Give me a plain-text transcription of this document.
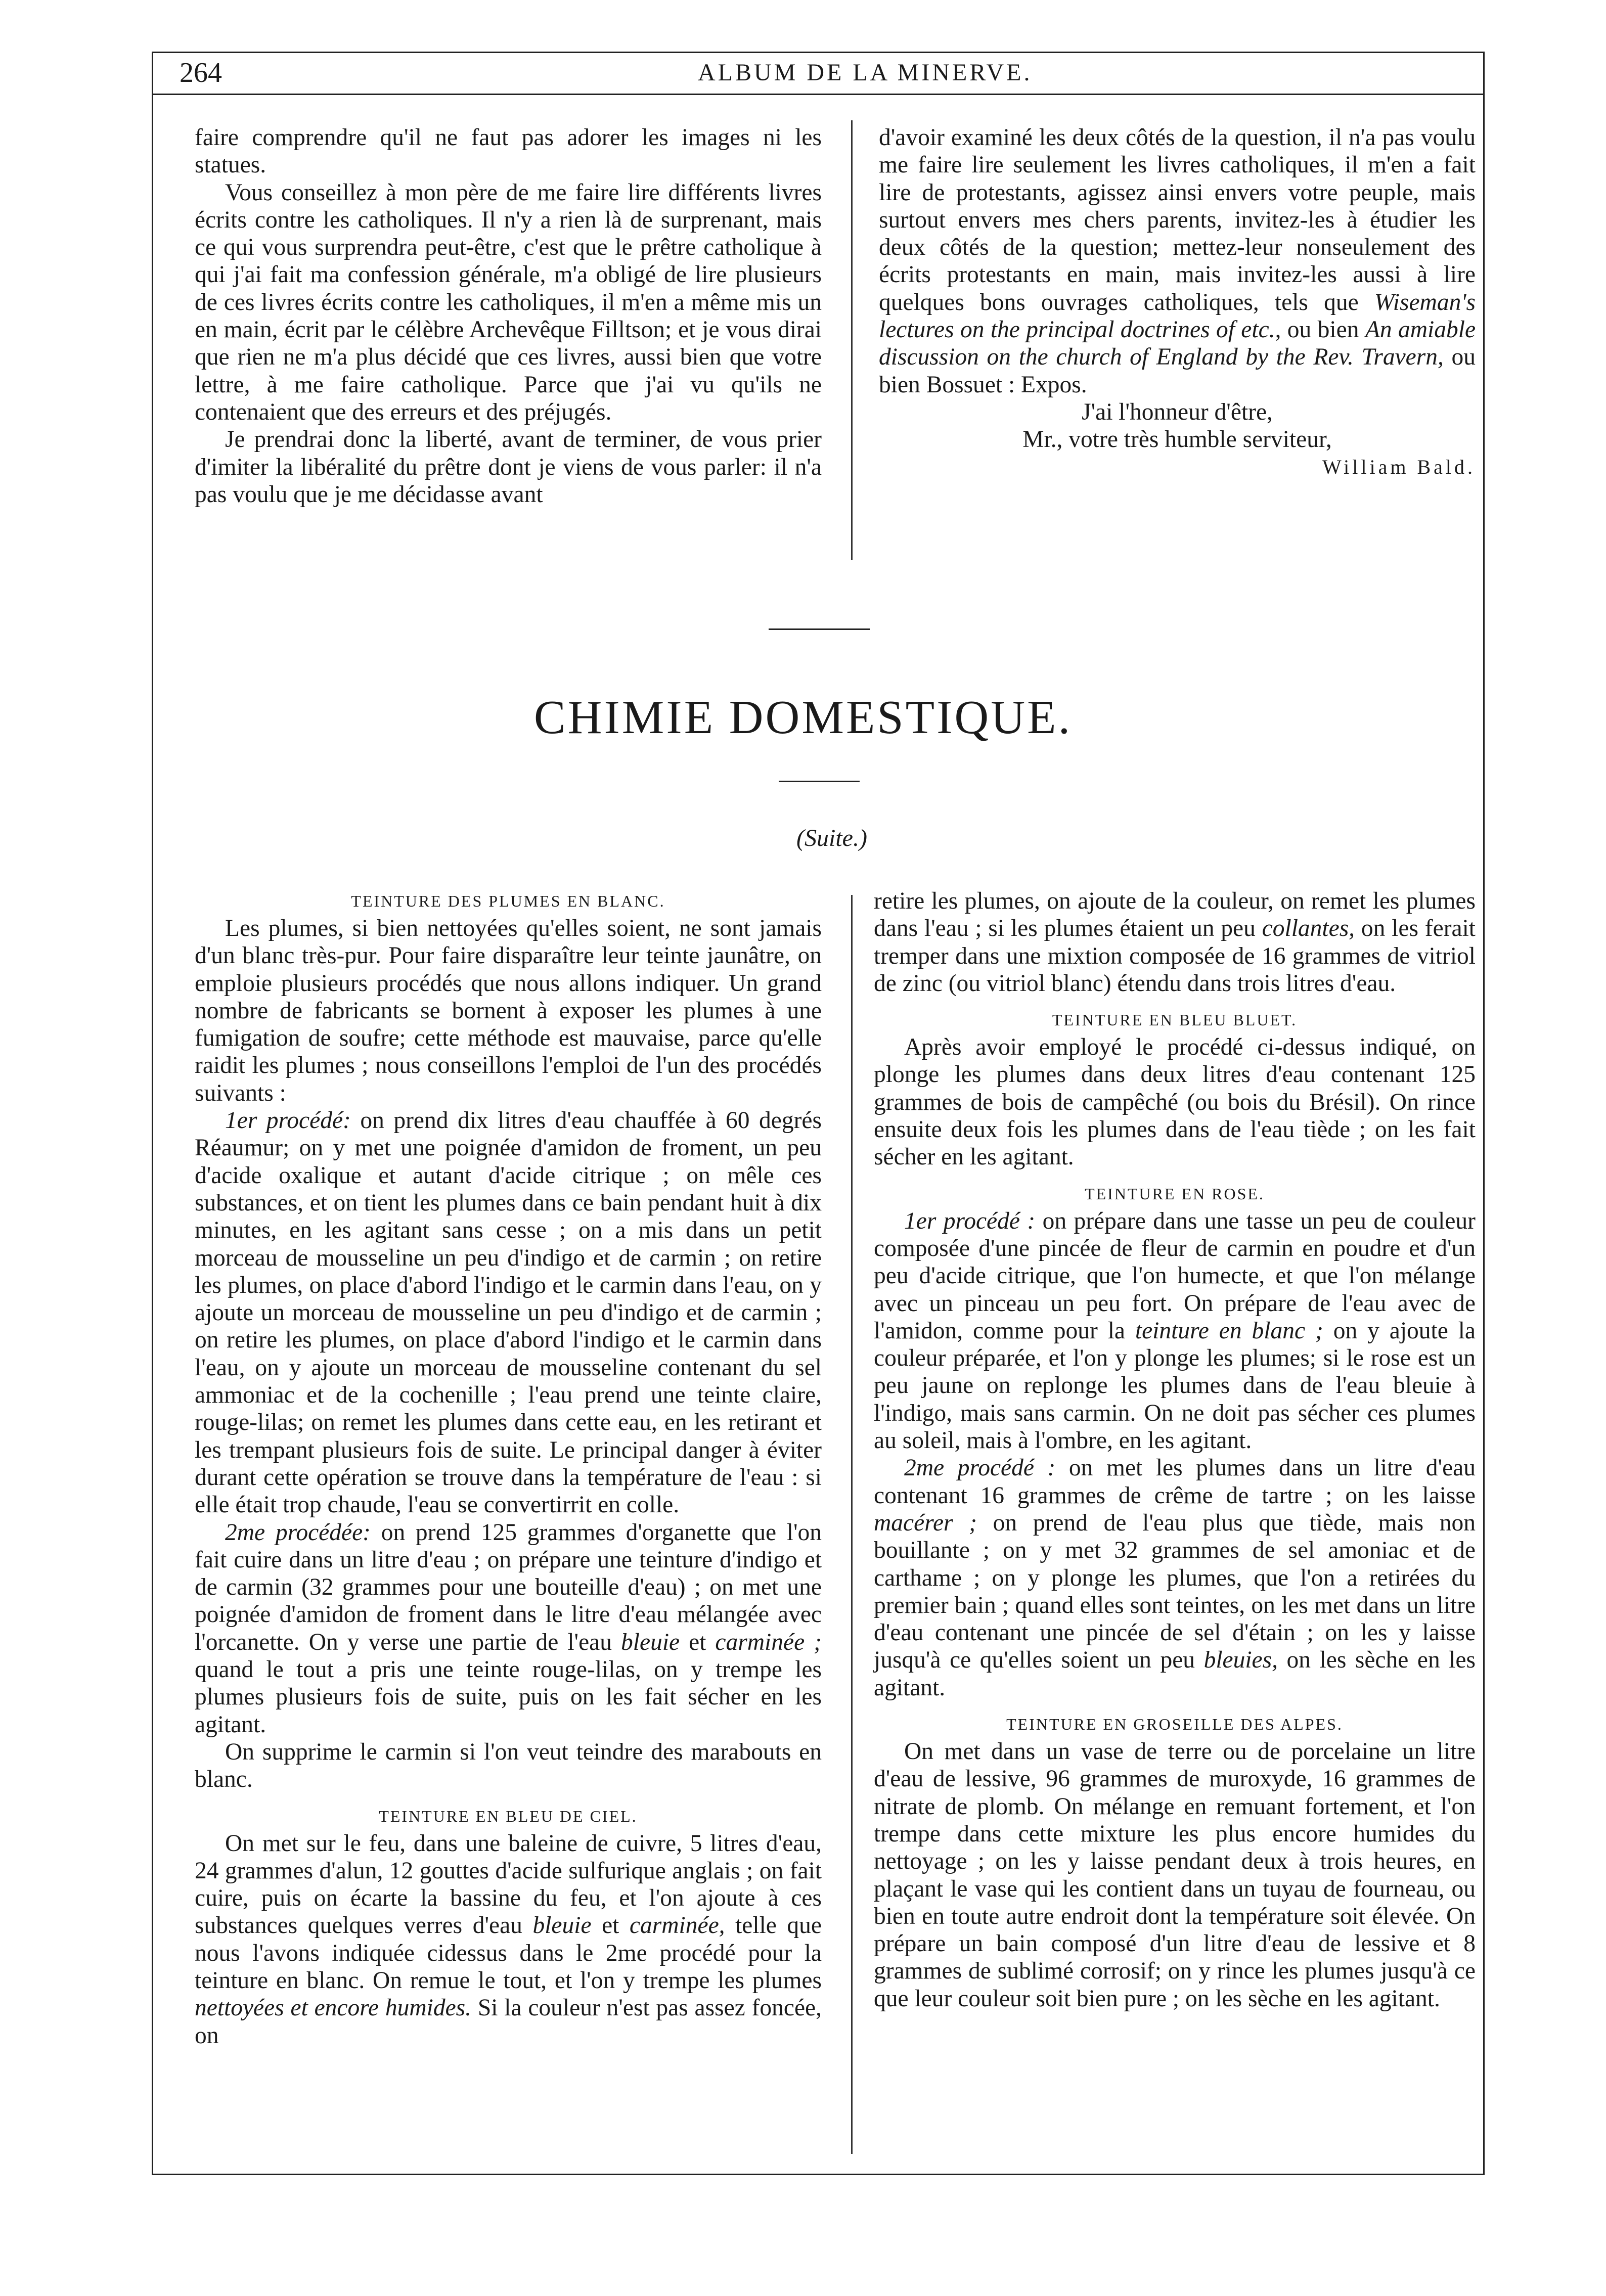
264	ALBUM DE LA MINERVE.

faire comprendre qu'il ne faut pas adorer les images ni les statues.

Vous conseillez à mon père de me faire lire différents livres écrits contre les catholiques. Il n'y a rien là de surprenant, mais ce qui vous surprendra peut-être, c'est que le prêtre catholique à qui j'ai fait ma confession générale, m'a obligé de lire plusieurs de ces livres écrits contre les catholiques, il m'en a même mis un en main, écrit par le célèbre Archevêque Filltson; et je vous dirai que rien ne m'a plus décidé que ces livres, aussi bien que votre lettre, à me faire catholique. Parce que j'ai vu qu'ils ne contenaient que des erreurs et des préjugés.

Je prendrai donc la liberté, avant de terminer, de vous prier d'imiter la libéralité du prêtre dont je viens de vous parler: il n'a pas voulu que je me décidasse avant

d'avoir examiné les deux côtés de la question, il n'a pas voulu me faire lire seulement les livres catholiques, il m'en a fait lire de protestants, agissez ainsi envers votre peuple, mais surtout envers mes chers parents, invitez-les à étudier les deux côtés de la question; mettez-leur nonseulement des écrits protestants en main, mais invitez-les aussi à lire quelques bons ouvrages catholiques, tels que Wiseman's lectures on the principal doctrines of etc., ou bien An amiable discussion on the church of England by the Rev. Travern, ou bien Bossuet : Expos.

J'ai l'honneur d'être,

Mr., votre très humble serviteur,

William Bald.

CHIMIE DOMESTIQUE.
(Suite.)

TEINTURE DES PLUMES EN BLANC.

Les plumes, si bien nettoyées qu'elles soient, ne sont jamais d'un blanc très-pur. Pour faire disparaître leur teinte jaunâtre, on emploie plusieurs procédés que nous allons indiquer. Un grand nombre de fabricants se bornent à exposer les plumes à une fumigation de soufre; cette méthode est mauvaise, parce qu'elle raidit les plumes ; nous conseillons l'emploi de l'un des procédés suivants :

1er procédé: on prend dix litres d'eau chauffée à 60 degrés Réaumur; on y met une poignée d'amidon de froment, un peu d'acide oxalique et autant d'acide citrique ; on mêle ces substances, et on tient les plumes dans ce bain pendant huit à dix minutes, en les agitant sans cesse ; on a mis dans un petit morceau de mousseline un peu d'indigo et de carmin ; on retire les plumes, on place d'abord l'indigo et le carmin dans l'eau, on y ajoute un morceau de mousseline un peu d'indigo et de carmin ; on retire les plumes, on place d'abord l'indigo et le carmin dans l'eau, on y ajoute un morceau de mousseline contenant du sel ammoniac et de la cochenille ; l'eau prend une teinte claire, rouge-lilas; on remet les plumes dans cette eau, en les retirant et les trempant plusieurs fois de suite. Le principal danger à éviter durant cette opération se trouve dans la température de l'eau : si elle était trop chaude, l'eau se convertirrit en colle.

2me procédée: on prend 125 grammes d'organette que l'on fait cuire dans un litre d'eau ; on prépare une teinture d'indigo et de carmin (32 grammes pour une bouteille d'eau) ; on met une poignée d'amidon de froment dans le litre d'eau mélangée avec l'orcanette. On y verse une partie de l'eau bleuie et carminée ; quand le tout a pris une teinte rouge-lilas, on y trempe les plumes plusieurs fois de suite, puis on les fait sécher en les agitant.

On supprime le carmin si l'on veut teindre des marabouts en blanc.

TEINTURE EN BLEU DE CIEL.

On met sur le feu, dans une baleine de cuivre, 5 litres d'eau, 24 grammes d'alun, 12 gouttes d'acide sulfurique anglais ; on fait cuire, puis on écarte la bassine du feu, et l'on ajoute à ces substances quelques verres d'eau bleuie et carminée, telle que nous l'avons indiquée cidessus dans le 2me procédé pour la teinture en blanc. On remue le tout, et l'on y trempe les plumes nettoyées et encore humides. Si la couleur n'est pas assez foncée, on

retire les plumes, on ajoute de la couleur, on remet les plumes dans l'eau ; si les plumes étaient un peu collantes, on les ferait tremper dans une mixtion composée de 16 grammes de vitriol de zinc (ou vitriol blanc) étendu dans trois litres d'eau.

TEINTURE EN BLEU BLUET.

Après avoir employé le procédé ci-dessus indiqué, on plonge les plumes dans deux litres d'eau contenant 125 grammes de bois de campêché (ou bois du Brésil). On rince ensuite deux fois les plumes dans de l'eau tiède ; on les fait sécher en les agitant.

TEINTURE EN ROSE.

1er procédé : on prépare dans une tasse un peu de couleur composée d'une pincée de fleur de carmin en poudre et d'un peu d'acide citrique, que l'on humecte, et que l'on mélange avec un pinceau un peu fort. On prépare de l'eau avec de l'amidon, comme pour la teinture en blanc ; on y ajoute la couleur préparée, et l'on y plonge les plumes; si le rose est un peu jaune on replonge les plumes dans de l'eau bleuie à l'indigo, mais sans carmin. On ne doit pas sécher ces plumes au soleil, mais à l'ombre, en les agitant.

2me procédé : on met les plumes dans un litre d'eau contenant 16 grammes de crême de tartre ; on les laisse macérer ; on prend de l'eau plus que tiède, mais non bouillante ; on y met 32 grammes de sel amoniac et de carthame ; on y plonge les plumes, que l'on a retirées du premier bain ; quand elles sont teintes, on les met dans un litre d'eau contenant une pincée de sel d'étain ; on les y laisse jusqu'à ce qu'elles soient un peu bleuies, on les sèche en les agitant.

TEINTURE EN GROSEILLE DES ALPES.

On met dans un vase de terre ou de porcelaine un litre d'eau de lessive, 96 grammes de muroxyde, 16 grammes de nitrate de plomb. On mélange en remuant fortement, et l'on trempe dans cette mixture les plus encore humides du nettoyage ; on les y laisse pendant deux à trois heures, en plaçant le vase qui les contient dans un tuyau de fourneau, ou bien en toute autre endroit dont la température soit élevée. On prépare un bain composé d'un litre d'eau de lessive et 8 grammes de sublimé corrosif; on y rince les plumes jusqu'à ce que leur couleur soit bien pure ; on les sèche en les agitant.
